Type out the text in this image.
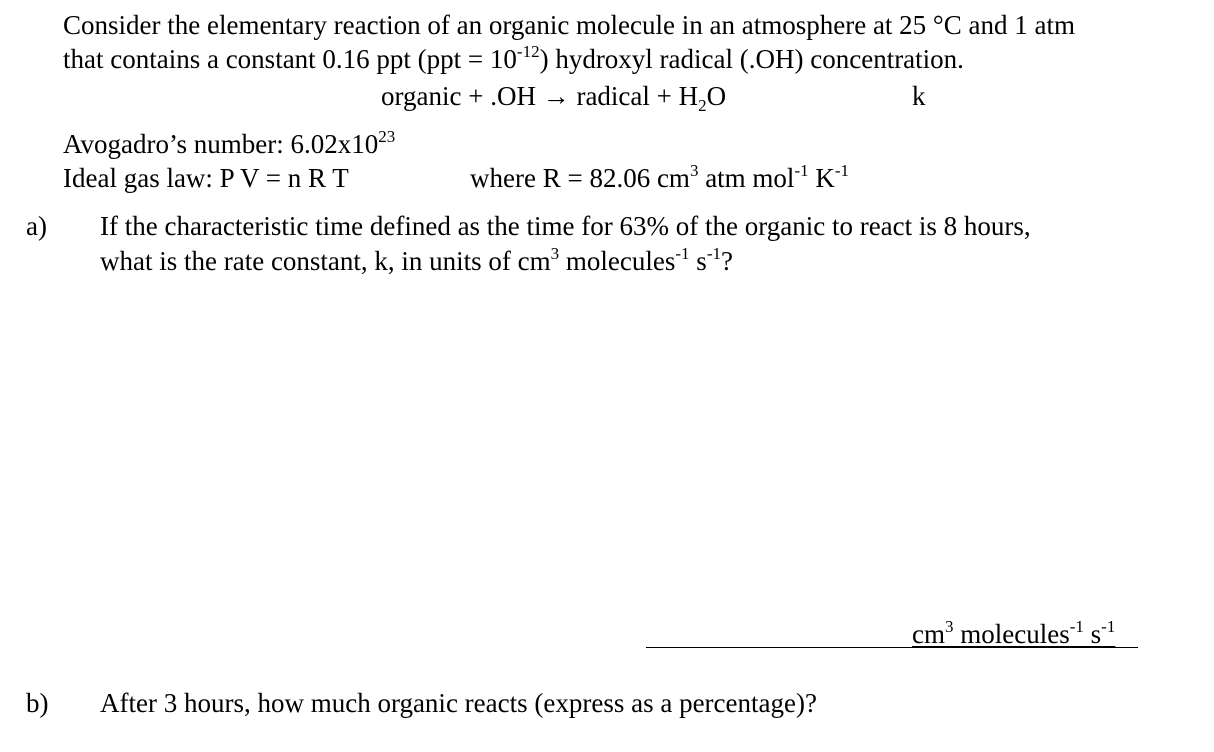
Consider the elementary reaction of an organic molecule in an atmosphere at 25 °C and 1 atm
that contains a constant 0.16 ppt $(ppt = 10^{-12})$ hydroxyl radical (.OH) concentration.
organic + .OH → radical + $H_2O$	k
Avogadro’s number: $6.02x10^{23}$
Ideal gas law: P V = n R T	where R = 82.06 $cm^3$ atm mol$^{-1}$ $K^{-1}$
a) If the characteristic time defined as the time for 63% of the organic to react is 8 hours,
what is the rate constant, k, in units of $cm^3$ molecules$^{-1}$ $s^{-1}$?
$cm^3$ molecules$^{-1}$ $s^{-1}$
b) After 3 hours, how much organic reacts (express as a percentage)?
